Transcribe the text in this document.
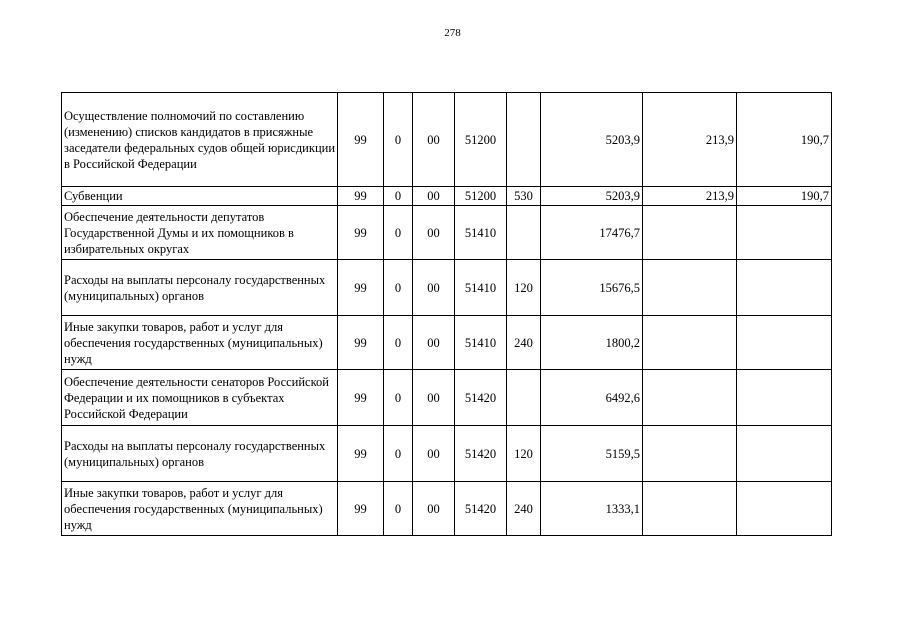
278
Осуществление полномочий по составлению (изменению) списков кандидатов в присяжные заседатели федеральных судов общей юрисдикции в Российской Федерации	99	0	00	51200		5203,9	213,9	190,7
Субвенции	99	0	00	51200	530	5203,9	213,9	190,7
Обеспечение деятельности депутатов Государственной Думы и их помощников в избирательных округах	99	0	00	51410		17476,7		
Расходы на выплаты персоналу государственных (муниципальных) органов	99	0	00	51410	120	15676,5		
Иные закупки товаров, работ и услуг для обеспечения государственных (муниципальных) нужд	99	0	00	51410	240	1800,2		
Обеспечение деятельности сенаторов Российской Федерации и их помощников в субъектах Российской Федерации	99	0	00	51420		6492,6		
Расходы на выплаты персоналу государственных (муниципальных) органов	99	0	00	51420	120	5159,5		
Иные закупки товаров, работ и услуг для обеспечения государственных (муниципальных) нужд	99	0	00	51420	240	1333,1		
